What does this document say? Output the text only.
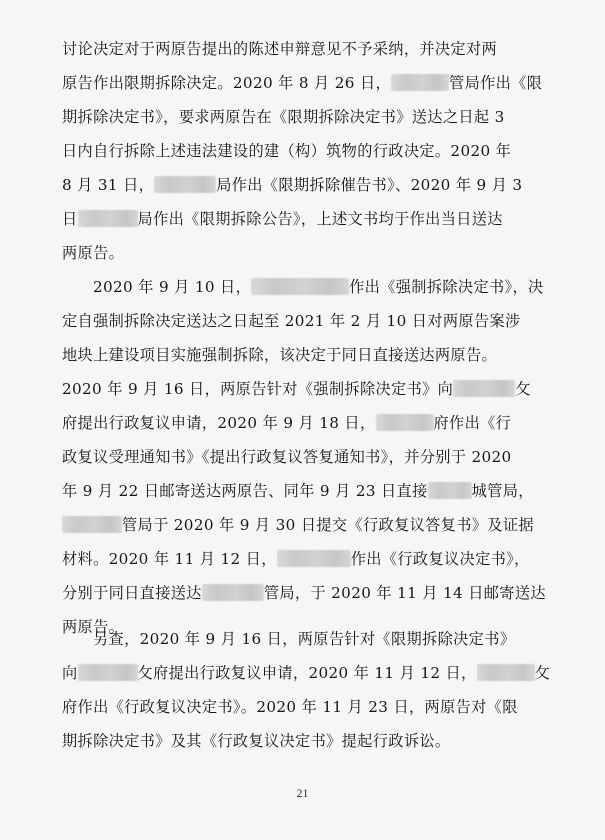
讨论决定对于两原告提出的陈述申辩意见不予采纳，并决定对两
原告作出限期拆除决定。2020 年 8 月 26 日，	管局作出《限
期拆除决定书》，要求两原告在《限期拆除决定书》送达之日起 3
日内自行拆除上述违法建设的建（构）筑物的行政决定。2020 年
8 月 31 日，	局作出《限期拆除催告书》、2020 年 9 月 3
日	局作出《限期拆除公告》，上述文书均于作出当日送达
两原告。
2020 年 9 月 10 日，	作出《强制拆除决定书》，决
定自强制拆除决定送达之日起至 2021 年 2 月 10 日对两原告案涉
地块上建设项目实施强制拆除，该决定于同日直接送达两原告。
2020 年 9 月 16 日，两原告针对《强制拆除决定书》向	攵
府提出行政复议申请，2020 年 9 月 18 日，	府作出《行
政复议受理通知书》《提出行政复议答复通知书》，并分别于 2020
年 9 月 22 日邮寄送达两原告、同年 9 月 23 日直接	城管局，
管局于 2020 年 9 月 30 日提交《行政复议答复书》及证据
材料。2020 年 11 月 12 日，	作出《行政复议决定书》，
分别于同日直接送达	管局，于 2020 年 11 月 14 日邮寄送达
两原告。
另查，2020 年 9 月 16 日，两原告针对《限期拆除决定书》
向	攵府提出行政复议申请，2020 年 11 月 12 日，	攵
府作出《行政复议决定书》。2020 年 11 月 23 日，两原告对《限
期拆除决定书》及其《行政复议决定书》提起行政诉讼。
21
